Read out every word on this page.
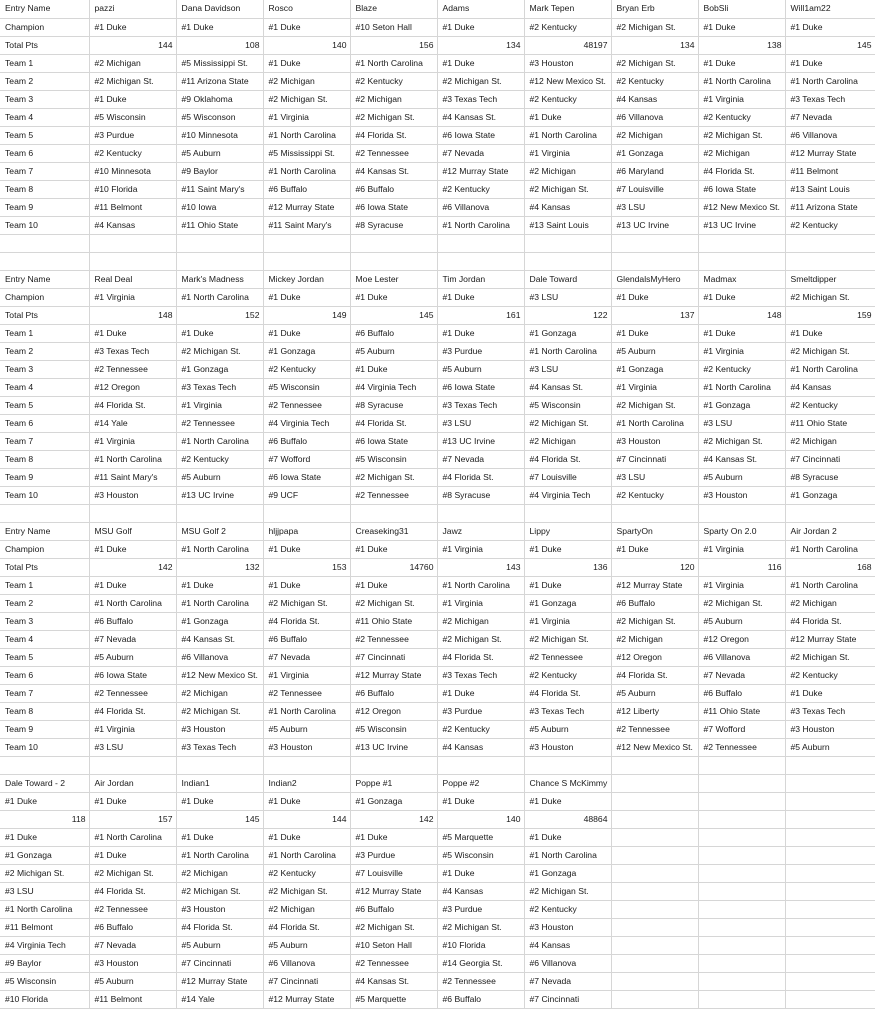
Entry Name	pazzi	Dana Davidson	Rosco	Blaze	Adams	Mark Tepen	Bryan Erb	BobSli	Will1am22
Champion	#1 Duke	#1 Duke	#1 Duke	#10 Seton Hall	#1 Duke	#2 Kentucky	#2 Michigan St.	#1 Duke	#1 Duke
Total Pts	144	108	140	156	134	48197	134	138	145
Team 1	#2 Michigan	#5 Mississippi St.	#1 Duke	#1 North Carolina	#1 Duke	#3 Houston	#2 Michigan St.	#1 Duke	#1 Duke
Team 2	#2 Michigan St.	#11 Arizona State	#2 Michigan	#2 Kentucky	#2 Michigan St.	#12 New Mexico St.	#2 Kentucky	#1 North Carolina	#1 North Carolina
Team 3	#1 Duke	#9 Oklahoma	#2 Michigan St.	#2 Michigan	#3 Texas Tech	#2 Kentucky	#4 Kansas	#1 Virginia	#3 Texas Tech
Team 4	#5 Wisconsin	#5 Wisconson	#1 Virginia	#2 Michigan St.	#4 Kansas St.	#1 Duke	#6 Villanova	#2 Kentucky	#7 Nevada
Team 5	#3 Purdue	#10 Minnesota	#1 North Carolina	#4 Florida St.	#6 Iowa State	#1 North Carolina	#2 Michigan	#2 Michigan St.	#6 Villanova
Team 6	#2 Kentucky	#5 Auburn	#5 Mississippi St.	#2 Tennessee	#7 Nevada	#1 Virginia	#1 Gonzaga	#2 Michigan	#12 Murray State
Team 7	#10 Minnesota	#9 Baylor	#1 North Carolina	#4 Kansas St.	#12 Murray State	#2 Michigan	#6 Maryland	#4 Florida St.	#11 Belmont
Team 8	#10 Florida	#11 Saint Mary's	#6 Buffalo	#6 Buffalo	#2 Kentucky	#2 Michigan St.	#7 Louisville	#6 Iowa State	#13 Saint Louis
Team 9	#11 Belmont	#10 Iowa	#12 Murray State	#6 Iowa State	#6 Villanova	#4 Kansas	#3 LSU	#12 New Mexico St.	#11 Arizona State
Team 10	#4 Kansas	#11 Ohio State	#11 Saint Mary's	#8 Syracuse	#1 North Carolina	#13 Saint Louis	#13 UC Irvine	#13 UC Irvine	#2 Kentucky

Entry Name	Real Deal	Mark's Madness	Mickey Jordan	Moe Lester	Tim Jordan	Dale Toward	GlendalsMyHero	Madmax	Smeltdipper
Champion	#1 Virginia	#1 North Carolina	#1 Duke	#1 Duke	#1 Duke	#3 LSU	#1 Duke	#1 Duke	#2 Michigan St.
Total Pts	148	152	149	145	161	122	137	148	159
Team 1	#1 Duke	#1 Duke	#1 Duke	#6 Buffalo	#1 Duke	#1 Gonzaga	#1 Duke	#1 Duke	#1 Duke
Team 2	#3 Texas Tech	#2 Michigan St.	#1 Gonzaga	#5 Auburn	#3 Purdue	#1 North Carolina	#5 Auburn	#1 Virginia	#2 Michigan St.
Team 3	#2 Tennessee	#1 Gonzaga	#2 Kentucky	#1 Duke	#5 Auburn	#3 LSU	#1 Gonzaga	#2 Kentucky	#1 North Carolina
Team 4	#12 Oregon	#3 Texas Tech	#5 Wisconsin	#4 Virginia Tech	#6 Iowa State	#4 Kansas St.	#1 Virginia	#1 North Carolina	#4 Kansas
Team 5	#4 Florida St.	#1 Virginia	#2 Tennessee	#8 Syracuse	#3 Texas Tech	#5 Wisconsin	#2 Michigan St.	#1 Gonzaga	#2 Kentucky
Team 6	#14 Yale	#2 Tennessee	#4 Virginia Tech	#4 Florida St.	#3 LSU	#2 Michigan St.	#1 North Carolina	#3 LSU	#11 Ohio State
Team 7	#1 Virginia	#1 North Carolina	#6 Buffalo	#6 Iowa State	#13 UC Irvine	#2 Michigan	#3 Houston	#2 Michigan St.	#2 Michigan
Team 8	#1 North Carolina	#2 Kentucky	#7 Wofford	#5 Wisconsin	#7 Nevada	#4 Florida St.	#7 Cincinnati	#4 Kansas St.	#7 Cincinnati
Team 9	#11 Saint Mary's	#5 Auburn	#6 Iowa State	#2 Michigan St.	#4 Florida St.	#7 Louisville	#3 LSU	#5 Auburn	#8 Syracuse
Team 10	#3 Houston	#13 UC Irvine	#9 UCF	#2 Tennessee	#8 Syracuse	#4 Virginia Tech	#2 Kentucky	#3 Houston	#1 Gonzaga

Entry Name	MSU Golf	MSU Golf 2	hljjpapa	Creaseking31	Jawz	Lippy	SpartyOn	Sparty On 2.0	Air Jordan 2
Champion	#1 Duke	#1 North Carolina	#1 Duke	#1 Duke	#1 Virginia	#1 Duke	#1 Duke	#1 Virginia	#1 North Carolina
Total Pts	142	132	153	14760	143	136	120	116	168
Team 1	#1 Duke	#1 Duke	#1 Duke	#1 Duke	#1 North Carolina	#1 Duke	#12 Murray State	#1 Virginia	#1 North Carolina
Team 2	#1 North Carolina	#1 North Carolina	#2 Michigan St.	#2 Michigan St.	#1 Virginia	#1 Gonzaga	#6 Buffalo	#2 Michigan St.	#2 Michigan
Team 3	#6 Buffalo	#1 Gonzaga	#4 Florida St.	#11 Ohio State	#2 Michigan	#1 Virginia	#2 Michigan St.	#5 Auburn	#4 Florida St.
Team 4	#7 Nevada	#4 Kansas St.	#6 Buffalo	#2 Tennessee	#2 Michigan St.	#2 Michigan St.	#2 Michigan	#12 Oregon	#12 Murray State
Team 5	#5 Auburn	#6 Villanova	#7 Nevada	#7 Cincinnati	#4 Florida St.	#2 Tennessee	#12 Oregon	#6 Villanova	#2 Michigan St.
Team 6	#6 Iowa State	#12 New Mexico St.	#1 Virginia	#12 Murray State	#3 Texas Tech	#2 Kentucky	#4 Florida St.	#7 Nevada	#2 Kentucky
Team 7	#2 Tennessee	#2 Michigan	#2 Tennessee	#6 Buffalo	#1 Duke	#4 Florida St.	#5 Auburn	#6 Buffalo	#1 Duke
Team 8	#4 Florida St.	#2 Michigan St.	#1 North Carolina	#12 Oregon	#3 Purdue	#3 Texas Tech	#12 Liberty	#11 Ohio State	#3 Texas Tech
Team 9	#1 Virginia	#3 Houston	#5 Auburn	#5 Wisconsin	#2 Kentucky	#5 Auburn	#2 Tennessee	#7 Wofford	#3 Houston
Team 10	#3 LSU	#3 Texas Tech	#3 Houston	#13 UC Irvine	#4 Kansas	#3 Houston	#12 New Mexico St.	#2 Tennessee	#5 Auburn

Dale Toward - 2	Air Jordan	Indian1	Indian2	Poppe #1	Poppe #2	Chance S McKimmy			
#1 Duke	#1 Duke	#1 Duke	#1 Duke	#1 Gonzaga	#1 Duke	#1 Duke			
118	157	145	144	142	140	48864			
#1 Duke	#1 North Carolina	#1 Duke	#1 Duke	#1 Duke	#5 Marquette	#1 Duke			
#1 Gonzaga	#1 Duke	#1 North Carolina	#1 North Carolina	#3 Purdue	#5 Wisconsin	#1 North Carolina			
#2 Michigan St.	#2 Michigan St.	#2 Michigan	#2 Kentucky	#7 Louisville	#1 Duke	#1 Gonzaga			
#3 LSU	#4 Florida St.	#2 Michigan St.	#2 Michigan St.	#12 Murray State	#4 Kansas	#2 Michigan St.			
#1 North Carolina	#2 Tennessee	#3 Houston	#2 Michigan	#6 Buffalo	#3 Purdue	#2 Kentucky			
#11 Belmont	#6 Buffalo	#4 Florida St.	#4 Florida St.	#2 Michigan St.	#2 Michigan St.	#3 Houston			
#4 Virginia Tech	#7 Nevada	#5 Auburn	#5 Auburn	#10 Seton Hall	#10 Florida	#4 Kansas			
#9 Baylor	#3 Houston	#7 Cincinnati	#6 Villanova	#2 Tennessee	#14 Georgia St.	#6 Villanova			
#5 Wisconsin	#5 Auburn	#12 Murray State	#7 Cincinnati	#4 Kansas St.	#2 Tennessee	#7 Nevada			
#10 Florida	#11 Belmont	#14 Yale	#12 Murray State	#5 Marquette	#6 Buffalo	#7 Cincinnati			
